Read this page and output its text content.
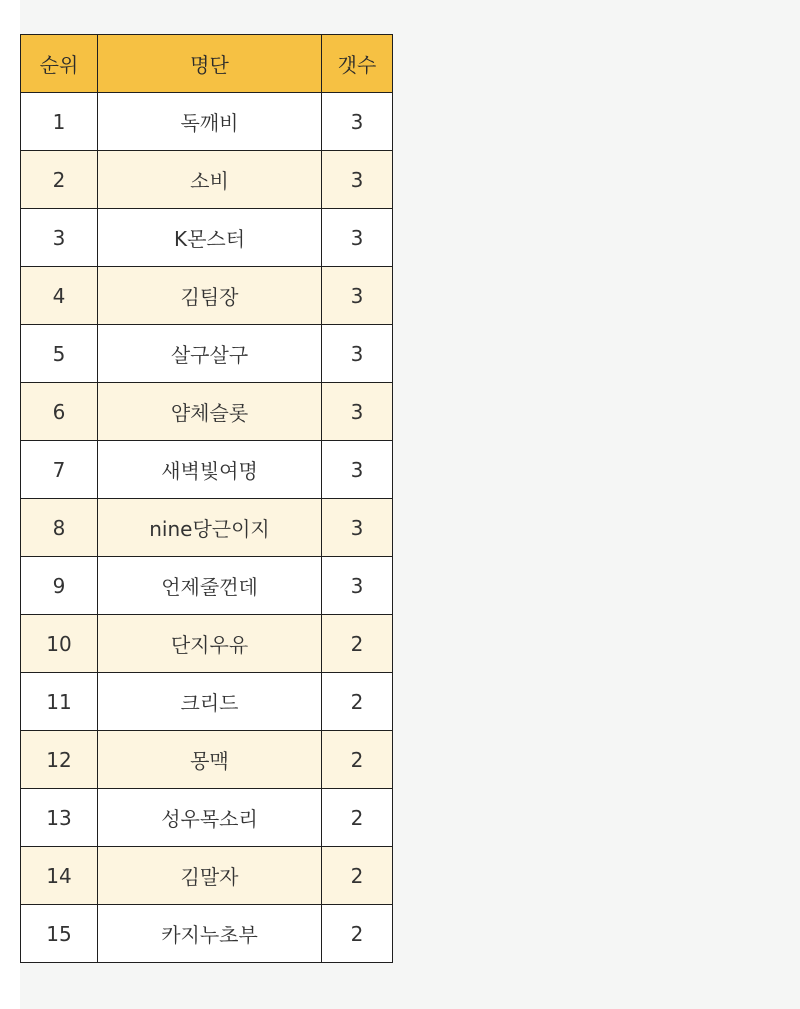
순위	명단	갯수
1	독깨비	3
2	소비	3
3	K몬스터	3
4	김팀장	3
5	살구살구	3
6	얌체슬롯	3
7	새벽빛여명	3
8	nine당근이지	3
9	언제줄껀데	3
10	단지우유	2
11	크리드	2
12	몽맥	2
13	성우목소리	2
14	김말자	2
15	카지누초부	2
